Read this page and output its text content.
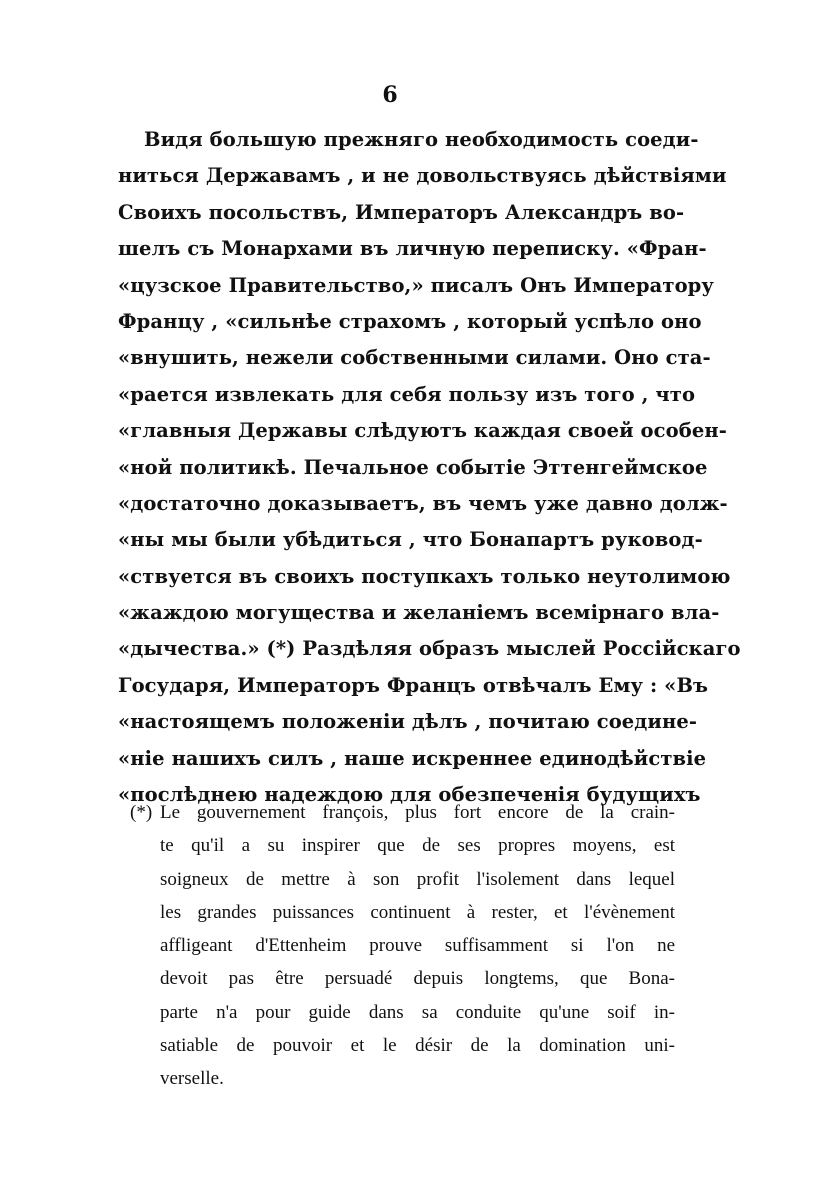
6
Видя большую прежняго необходимость соеди-
ниться Державамъ , и не довольствуясь дѣйствiями
Своихъ посольствъ, Императоръ Александръ во-
шелъ съ Монархами въ личную переписку. «Фран-
«цузское Правительство,» писалъ Онъ Императору
Францу , «сильнѣе страхомъ , который успѣло оно
«внушить, нежели собственными силами. Оно ста-
«рается извлекать для себя пользу изъ того , что
«главныя Державы слѣдуютъ каждая своей особен-
«ной политикѣ. Печальное событiе Эттенгеймское
«достаточно доказываетъ, въ чемъ уже давно долж-
«ны мы были убѣдиться , что Бонапартъ руковод-
«ствуется въ своихъ поступкахъ только неутолимою
«жаждою могущества и желанiемъ всемiрнаго вла-
«дычества.» (*) Раздѣляя образъ мыслей Россiйскаго
Государя, Императоръ Францъ отвѣчалъ Ему : «Въ
«настоящемъ положенiи дѣлъ , почитаю соедине-
«нiе нашихъ силъ , наше искреннее единодѣйствiе
«послѣднею надеждою для обезпеченiя будущихъ
(*) Le gouvernement françois, plus fort encore de la crain-
te qu'il a su inspirer que de ses propres moyens, est
soigneux de mettre à son profit l'isolement dans lequel
les grandes puissances continuent à rester, et l'évènement
affligeant d'Ettenheim prouve suffisamment si l'on ne
devoit pas être persuadé depuis longtems, que Bona-
parte n'a pour guide dans sa conduite qu'une soif in-
satiable de pouvoir et le désir de la domination uni-
verselle.
